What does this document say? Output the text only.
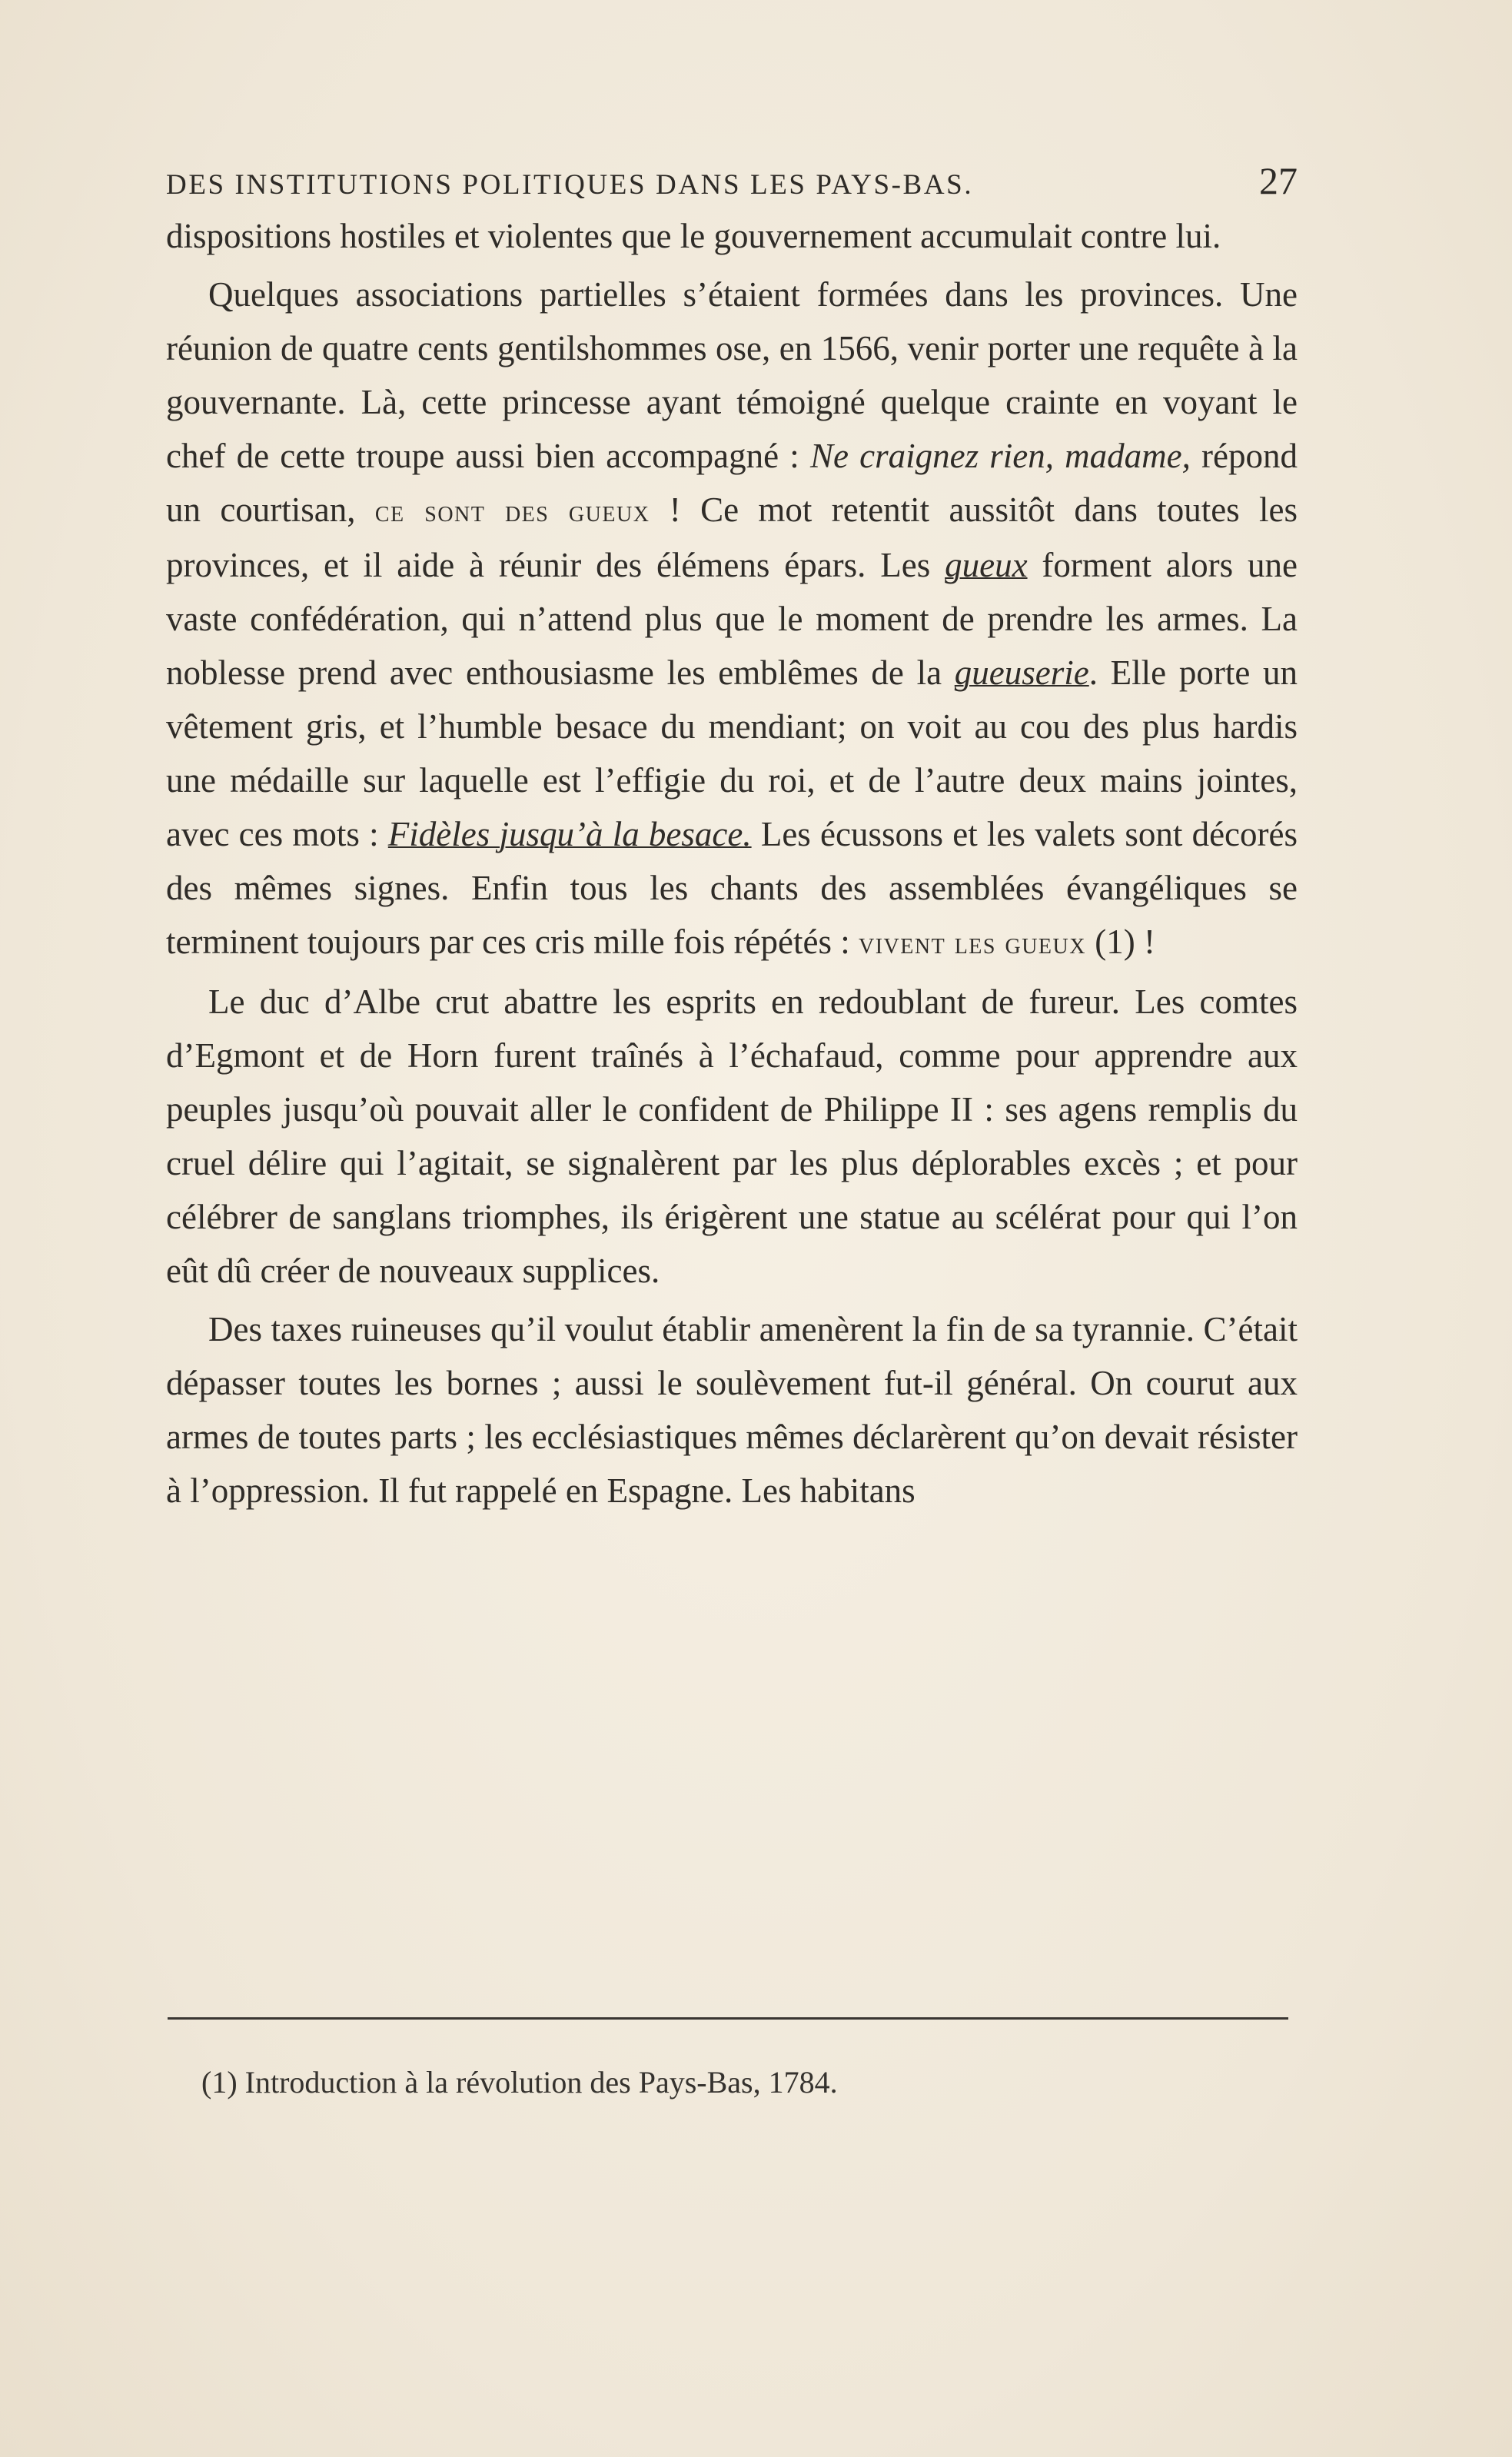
DES INSTITUTIONS POLITIQUES DANS LES PAYS-BAS.	27

dispositions hostiles et violentes que le gouvernement accumulait contre lui.

Quelques associations partielles s’étaient formées dans les provinces. Une réunion de quatre cents gentilshommes ose, en 1566, venir porter une requête à la gouvernante. Là, cette princesse ayant témoigné quelque crainte en voyant le chef de cette troupe aussi bien accompagné : Ne craignez rien, madame, répond un courtisan, ce sont des gueux ! Ce mot retentit aussitôt dans toutes les provinces, et il aide à réunir des élémens épars. Les gueux forment alors une vaste confédération, qui n’attend plus que le moment de prendre les armes. La noblesse prend avec enthousiasme les emblêmes de la gueuserie. Elle porte un vêtement gris, et l’humble besace du mendiant; on voit au cou des plus hardis une médaille sur laquelle est l’effigie du roi, et de l’autre deux mains jointes, avec ces mots : Fidèles jusqu’à la besace. Les écussons et les valets sont décorés des mêmes signes. Enfin tous les chants des assemblées évangéliques se terminent toujours par ces cris mille fois répétés : vivent les gueux (1) !

Le duc d’Albe crut abattre les esprits en redoublant de fureur. Les comtes d’Egmont et de Horn furent traînés à l’échafaud, comme pour apprendre aux peuples jusqu’où pouvait aller le confident de Philippe II : ses agens remplis du cruel délire qui l’agitait, se signalèrent par les plus déplorables excès ; et pour célébrer de sanglans triomphes, ils érigèrent une statue au scélérat pour qui l’on eût dû créer de nouveaux supplices.

Des taxes ruineuses qu’il voulut établir amenèrent la fin de sa tyrannie. C’était dépasser toutes les bornes ; aussi le soulèvement fut-il général. On courut aux armes de toutes parts ; les ecclésiastiques mêmes déclarèrent qu’on devait résister à l’oppression. Il fut rappelé en Espagne. Les habitans

(1) Introduction à la révolution des Pays-Bas, 1784.
